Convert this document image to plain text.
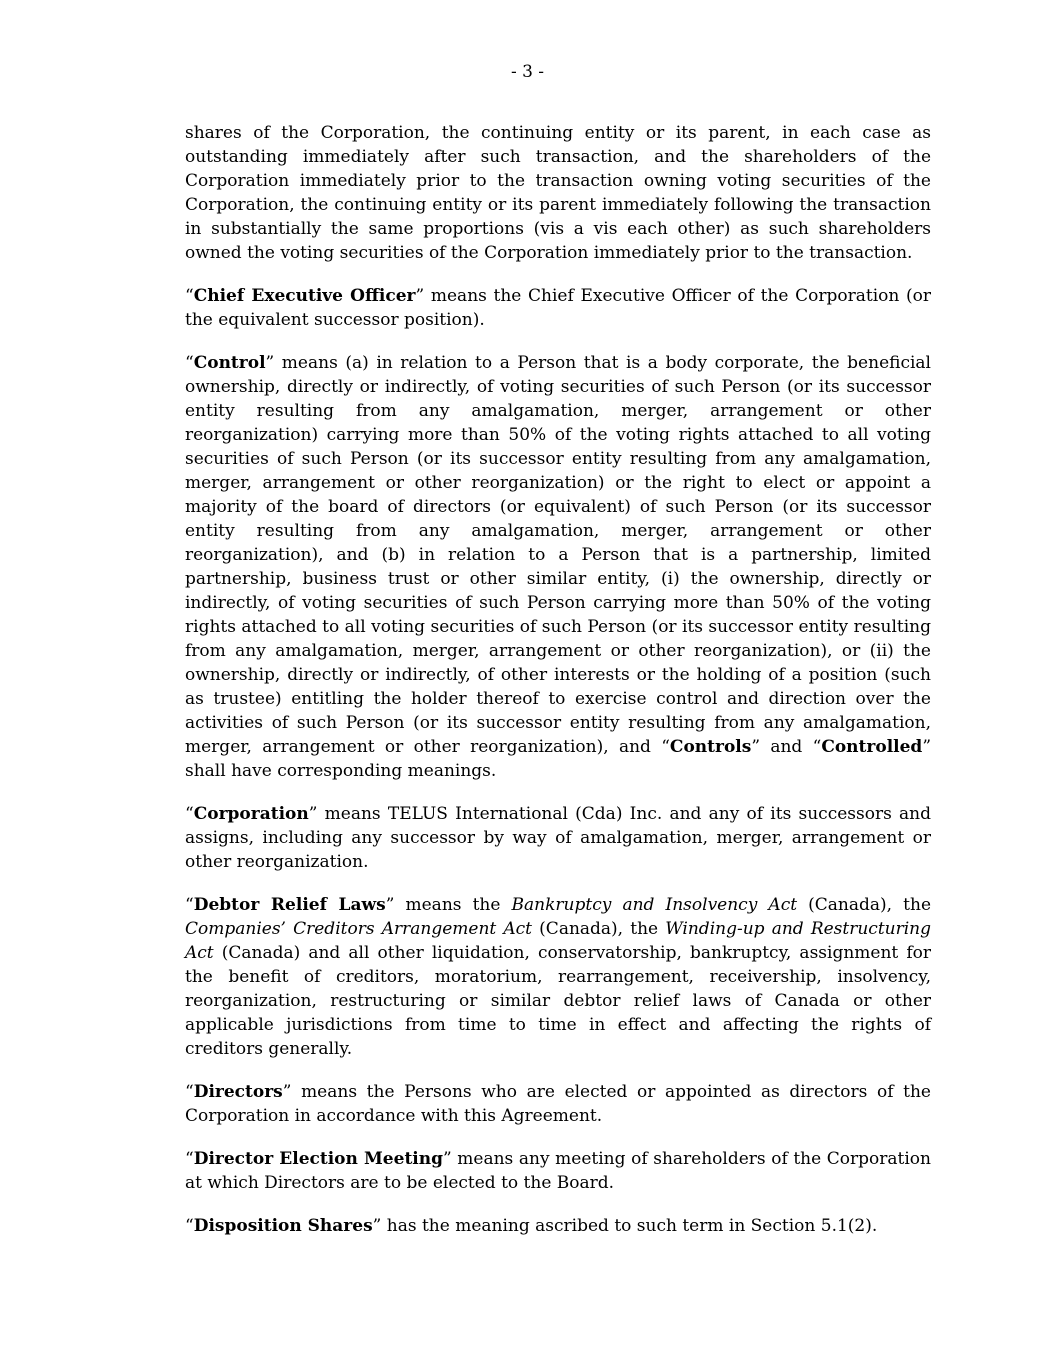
- 3 -

shares of the Corporation, the continuing entity or its parent, in each case as outstanding immediately after such transaction, and the shareholders of the Corporation immediately prior to the transaction owning voting securities of the Corporation, the continuing entity or its parent immediately following the transaction in substantially the same proportions (vis a vis each other) as such shareholders owned the voting securities of the Corporation immediately prior to the transaction.

“Chief Executive Officer” means the Chief Executive Officer of the Corporation (or the equivalent successor position).

“Control” means (a) in relation to a Person that is a body corporate, the beneficial ownership, directly or indirectly, of voting securities of such Person (or its successor entity resulting from any amalgamation, merger, arrangement or other reorganization) carrying more than 50% of the voting rights attached to all voting securities of such Person (or its successor entity resulting from any amalgamation, merger, arrangement or other reorganization) or the right to elect or appoint a majority of the board of directors (or equivalent) of such Person (or its successor entity resulting from any amalgamation, merger, arrangement or other reorganization), and (b) in relation to a Person that is a partnership, limited partnership, business trust or other similar entity, (i) the ownership, directly or indirectly, of voting securities of such Person carrying more than 50% of the voting rights attached to all voting securities of such Person (or its successor entity resulting from any amalgamation, merger, arrangement or other reorganization), or (ii) the ownership, directly or indirectly, of other interests or the holding of a position (such as trustee) entitling the holder thereof to exercise control and direction over the activities of such Person (or its successor entity resulting from any amalgamation, merger, arrangement or other reorganization), and “Controls” and “Controlled” shall have corresponding meanings.

“Corporation” means TELUS International (Cda) Inc. and any of its successors and assigns, including any successor by way of amalgamation, merger, arrangement or other reorganization.

“Debtor Relief Laws” means the Bankruptcy and Insolvency Act (Canada), the Companies’ Creditors Arrangement Act (Canada), the Winding-up and Restructuring Act (Canada) and all other liquidation, conservatorship, bankruptcy, assignment for the benefit of creditors, moratorium, rearrangement, receivership, insolvency, reorganization, restructuring or similar debtor relief laws of Canada or other applicable jurisdictions from time to time in effect and affecting the rights of creditors generally.

“Directors” means the Persons who are elected or appointed as directors of the Corporation in accordance with this Agreement.

“Director Election Meeting” means any meeting of shareholders of the Corporation at which Directors are to be elected to the Board.

“Disposition Shares” has the meaning ascribed to such term in Section 5.1(2).
